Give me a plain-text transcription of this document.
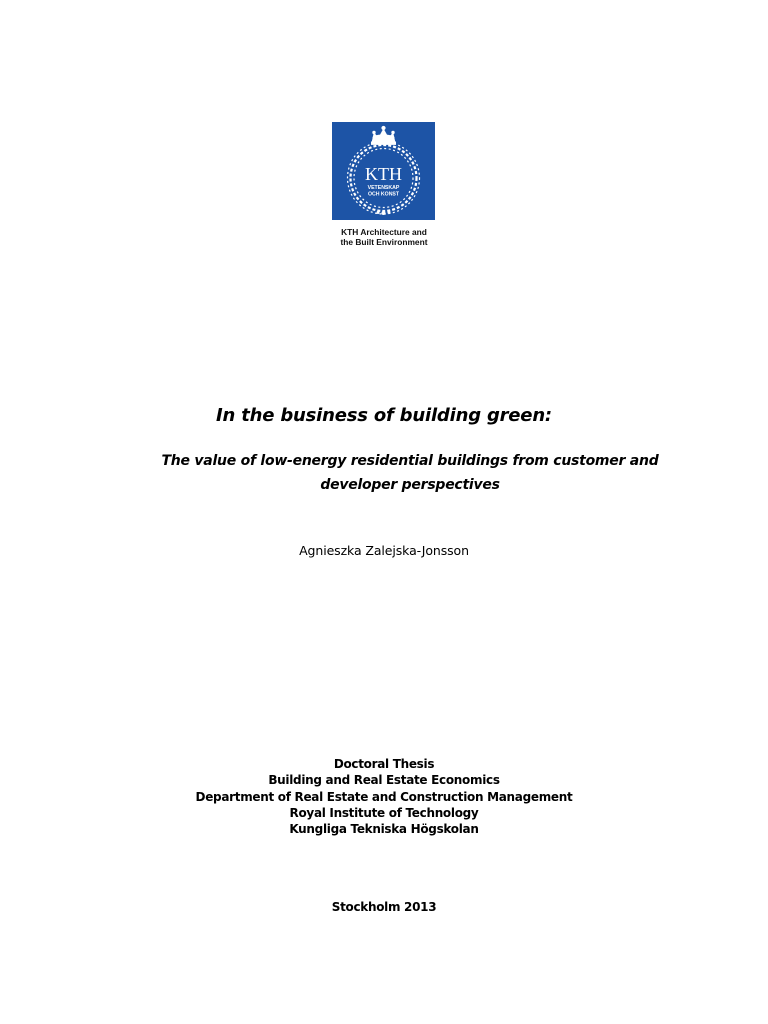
KTH
VETENSKAP
OCH KONST
KTH Architecture and
the Built Environment
In the business of building green:
The value of low-energy residential buildings from customer and
developer perspectives
Agnieszka Zalejska-Jonsson
Doctoral Thesis
Building and Real Estate Economics
Department of Real Estate and Construction Management
Royal Institute of Technology
Kungliga Tekniska Högskolan
Stockholm 2013
